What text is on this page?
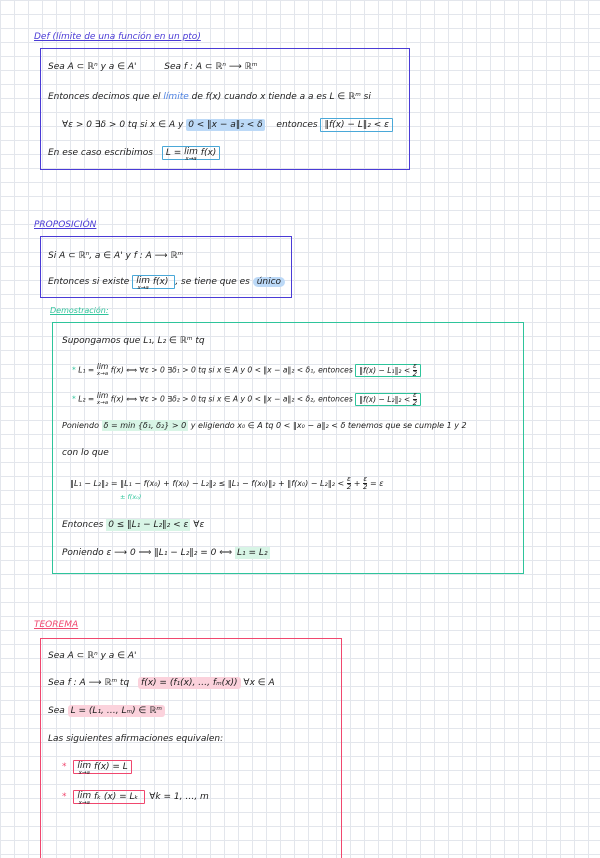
Def (límite de una función en un pto)
Sea A ⊂ ℝⁿ y a ∈ A'	Sea f : A ⊂ ℝⁿ ⟶ ℝᵐ
Entonces decimos que el límite de f(x) cuando x tiende a a es L ∈ ℝᵐ si
∀ε > 0 ∃δ > 0 tq si x ∈ A y 0 < ‖x − a‖₂ < δ entonces ‖f(x) − L‖₂ < ε
En ese caso escribimos L = lim
x→a
f(x)
PROPOSICIÓN
Si A ⊂ ℝⁿ, a ∈ A' y f : A ⟶ ℝᵐ
Entonces si existe lim
x→a
f(x) , se tiene que es único
Demostración:
Supongamos que L₁, L₂ ∈ ℝᵐ tq
* L₁ = lim
x→a f(x) ⟺ ∀ε > 0 ∃δ₁ > 0 tq si x ∈ A y 0 < ‖x − a‖₂ < δ₁, entonces ‖f(x) − L₁‖₂ < $\frac{\varepsilon}{2}$
* L₂ = lim
x→a f(x) ⟺ ∀ε > 0 ∃δ₂ > 0 tq si x ∈ A y 0 < ‖x − a‖₂ < δ₂, entonces ‖f(x) − L₂‖₂ < $\frac{\varepsilon}{2}$
Poniendo δ = min {δ₁, δ₂} > 0 y eligiendo x₀ ∈ A tq 0 < ‖x₀ − a‖₂ < δ tenemos que se cumple 1 y 2
con lo que
‖L₁ − L₂‖₂ = ‖L₁ − f(x₀) + f(x₀) − L₂‖₂ ≤ ‖L₁ − f(x₀)‖₂ + ‖f(x₀) − L₂‖₂ < $\frac{\varepsilon}{2} + \frac{\varepsilon}{2} = \varepsilon$
± f(x₀)
Entonces 0 ≤ ‖L₁ − L₂‖₂ < ε ∀ε
Poniendo ε ⟶ 0 ⟹ ‖L₁ − L₂‖₂ = 0 ⟺ L₁ = L₂
TEOREMA
Sea A ⊂ ℝⁿ y a ∈ A'
Sea f : A ⟶ ℝᵐ tq f(x) = (f₁(x), …, fₘ(x)) ∀x ∈ A
Sea L = (L₁, …, Lₘ) ∈ ℝᵐ
Las siguientes afirmaciones equivalen:
* lim
x→a
f(x) = L
* lim
x→a
fₖ (x) = Lₖ ∀k = 1, …, m
